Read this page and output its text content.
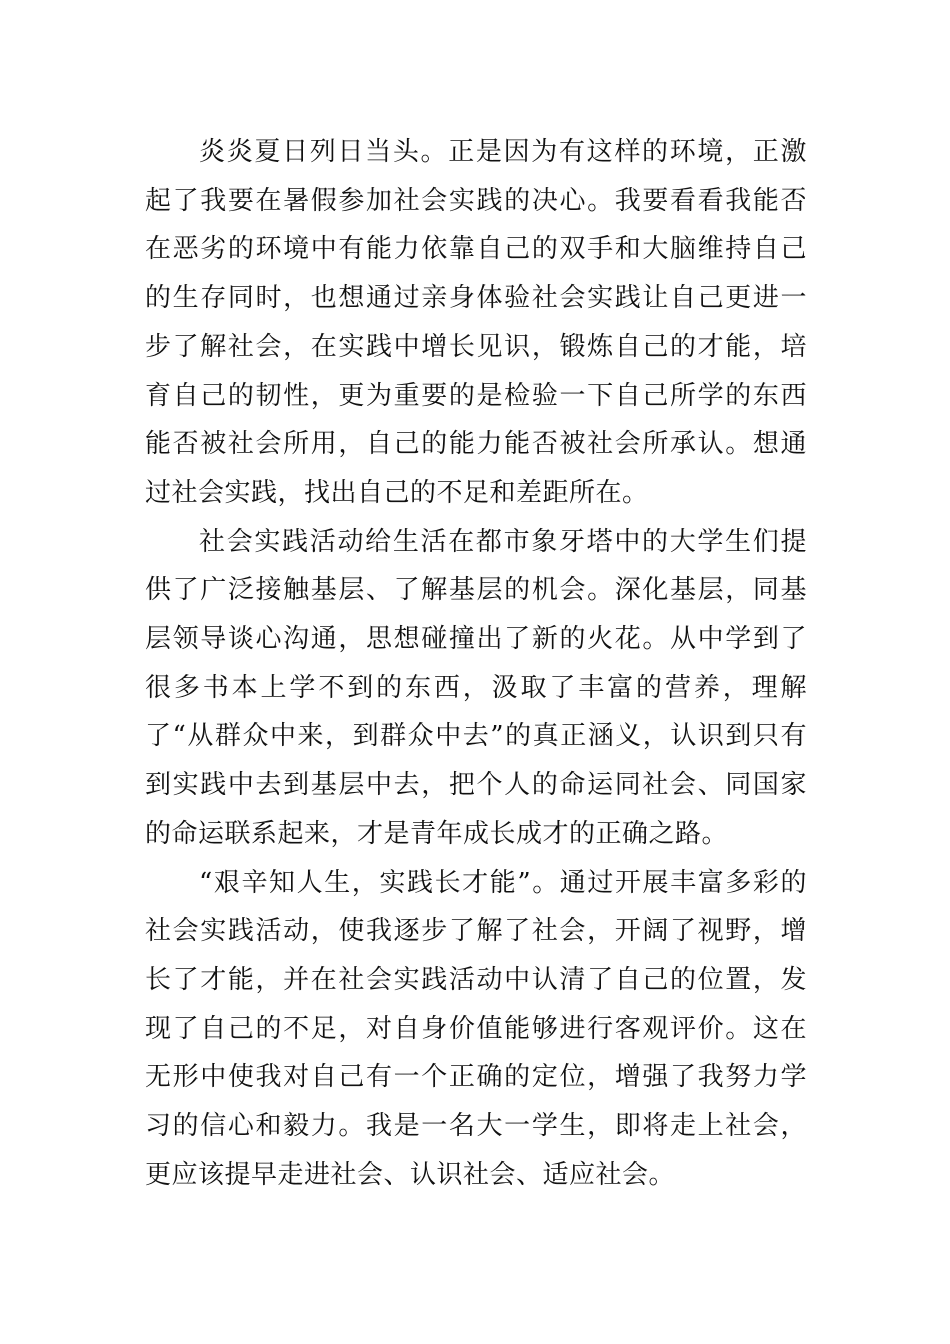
炎炎夏日列日当头。正是因为有这样的环境，正激起了我要在暑假参加社会实践的决心。我要看看我能否在恶劣的环境中有能力依靠自己的双手和大脑维持自己的生存同时，也想通过亲身体验社会实践让自己更进一步了解社会，在实践中增长见识，锻炼自己的才能，培育自己的韧性，更为重要的是检验一下自己所学的东西能否被社会所用，自己的能力能否被社会所承认。想通过社会实践，找出自己的不足和差距所在。

社会实践活动给生活在都市象牙塔中的大学生们提供了广泛接触基层、了解基层的机会。深化基层，同基层领导谈心沟通，思想碰撞出了新的火花。从中学到了很多书本上学不到的东西，汲取了丰富的营养，理解了“从群众中来，到群众中去”的真正涵义，认识到只有到实践中去到基层中去，把个人的命运同社会、同国家的命运联系起来，才是青年成长成才的正确之路。

“艰辛知人生，实践长才能”。通过开展丰富多彩的社会实践活动，使我逐步了解了社会，开阔了视野，增长了才能，并在社会实践活动中认清了自己的位置，发现了自己的不足，对自身价值能够进行客观评价。这在无形中使我对自己有一个正确的定位，增强了我努力学习的信心和毅力。我是一名大一学生，即将走上社会，更应该提早走进社会、认识社会、适应社会。
